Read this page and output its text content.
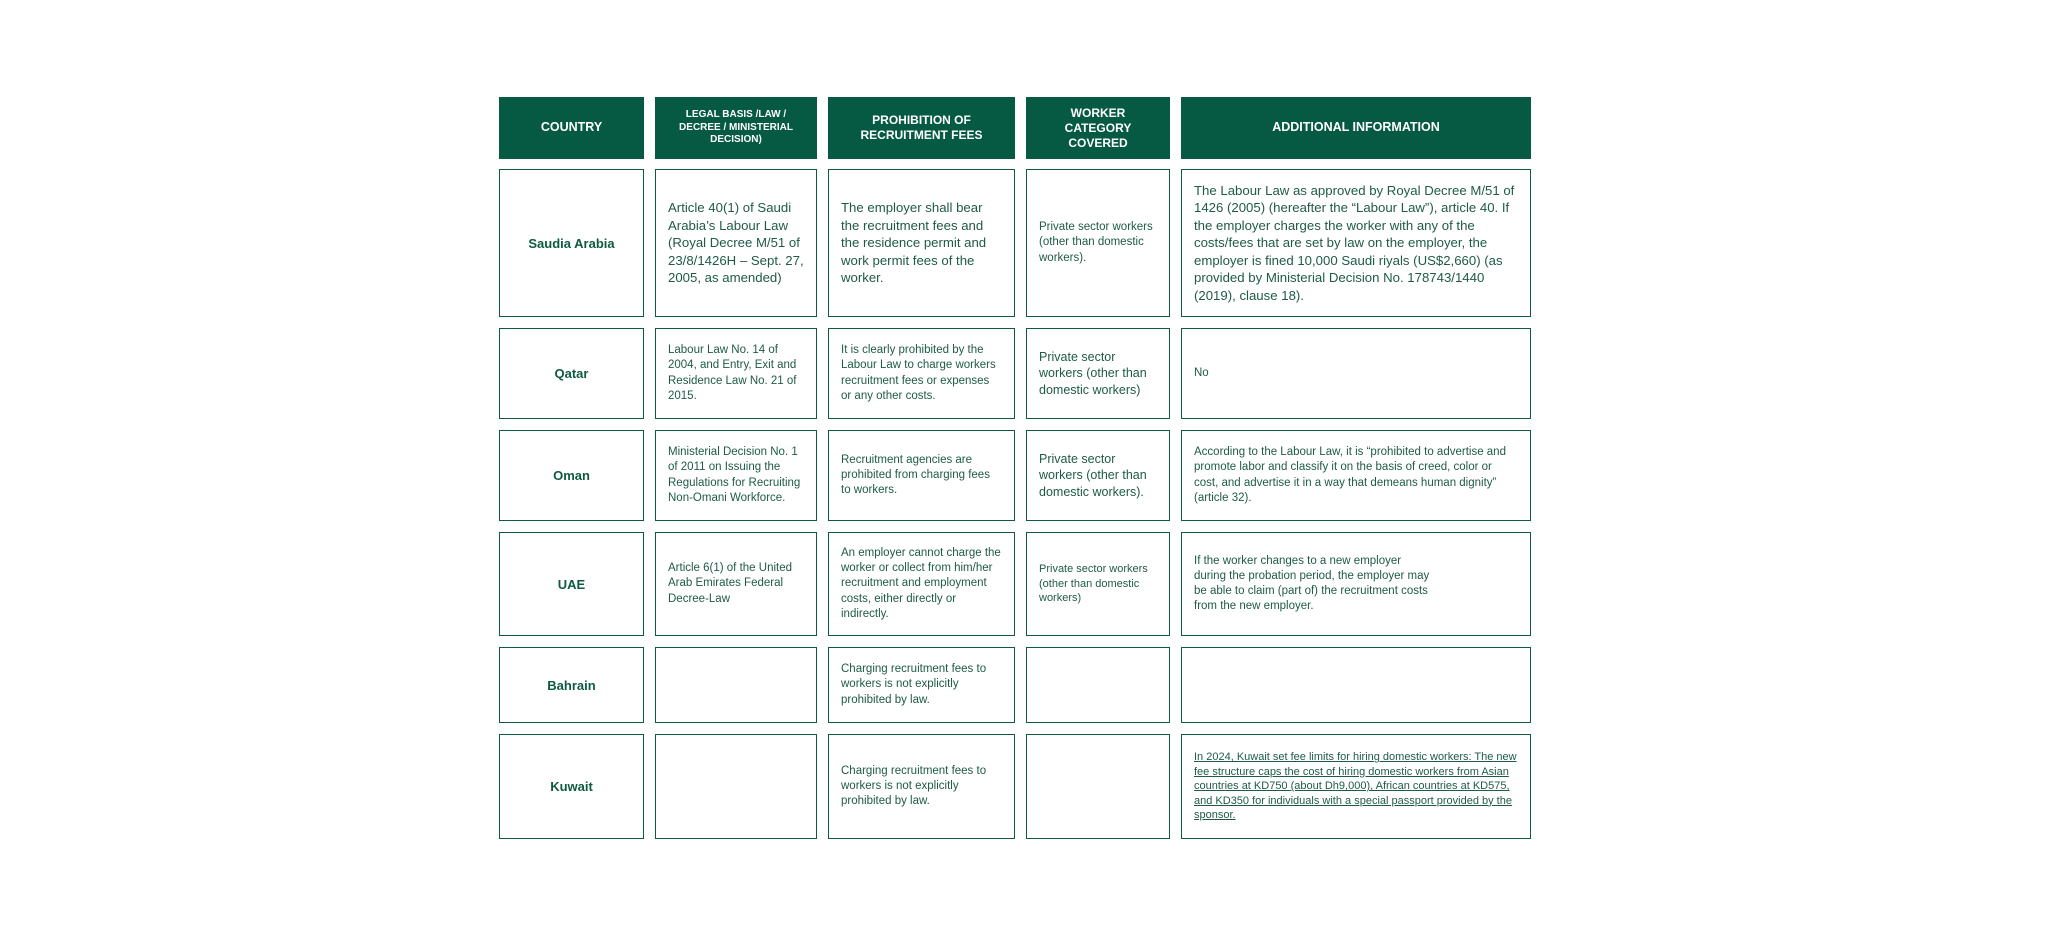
COUNTRY
LEGAL BASIS /LAW / DECREE / MINISTERIAL DECISION)
PROHIBITION OF RECRUITMENT FEES
WORKER CATEGORY COVERED
ADDITIONAL INFORMATION
Saudia Arabia
Article 40(1) of Saudi Arabia’s Labour Law (Royal Decree M/51 of 23/8/1426H – Sept. 27, 2005, as amended)
The employer shall bear the recruitment fees and the residence permit and work permit fees of the worker.
Private sector workers (other than domestic workers).
The Labour Law as approved by Royal Decree M/51 of 1426 (2005) (hereafter the “Labour Law”), article 40. If the employer charges the worker with any of the costs/fees that are set by law on the employer, the employer is fined 10,000 Saudi riyals (US$2,660) (as provided by Ministerial Decision No. 178743/1440 (2019), clause 18).
Qatar
Labour Law No. 14 of 2004, and Entry, Exit and Residence Law No. 21 of 2015.
It is clearly prohibited by the Labour Law to charge workers recruitment fees or expenses or any other costs.
Private sector workers (other than domestic workers)
No
Oman
Ministerial Decision No. 1 of 2011 on Issuing the Regulations for Recruiting Non-Omani Workforce.
Recruitment agencies are prohibited from charging fees to workers.
Private sector workers (other than domestic workers).
According to the Labour Law, it is “prohibited to advertise and promote labor and classify it on the basis of creed, color or cost, and advertise it in a way that demeans human dignity” (article 32).
UAE
Article 6(1) of the United Arab Emirates Federal Decree-Law
An employer cannot charge the worker or collect from him/her recruitment and employment costs, either directly or indirectly.
Private sector workers (other than domestic workers)
If the worker changes to a new employer during the probation period, the employer may be able to claim (part of) the recruitment costs from the new employer.
Bahrain
Charging recruitment fees to workers is not explicitly prohibited by law.
Kuwait
Charging recruitment fees to workers is not explicitly prohibited by law.
In 2024, Kuwait set fee limits for hiring domestic workers: The new fee structure caps the cost of hiring domestic workers from Asian countries at KD750 (about Dh9,000), African countries at KD575, and KD350 for individuals with a special passport provided by the sponsor.
